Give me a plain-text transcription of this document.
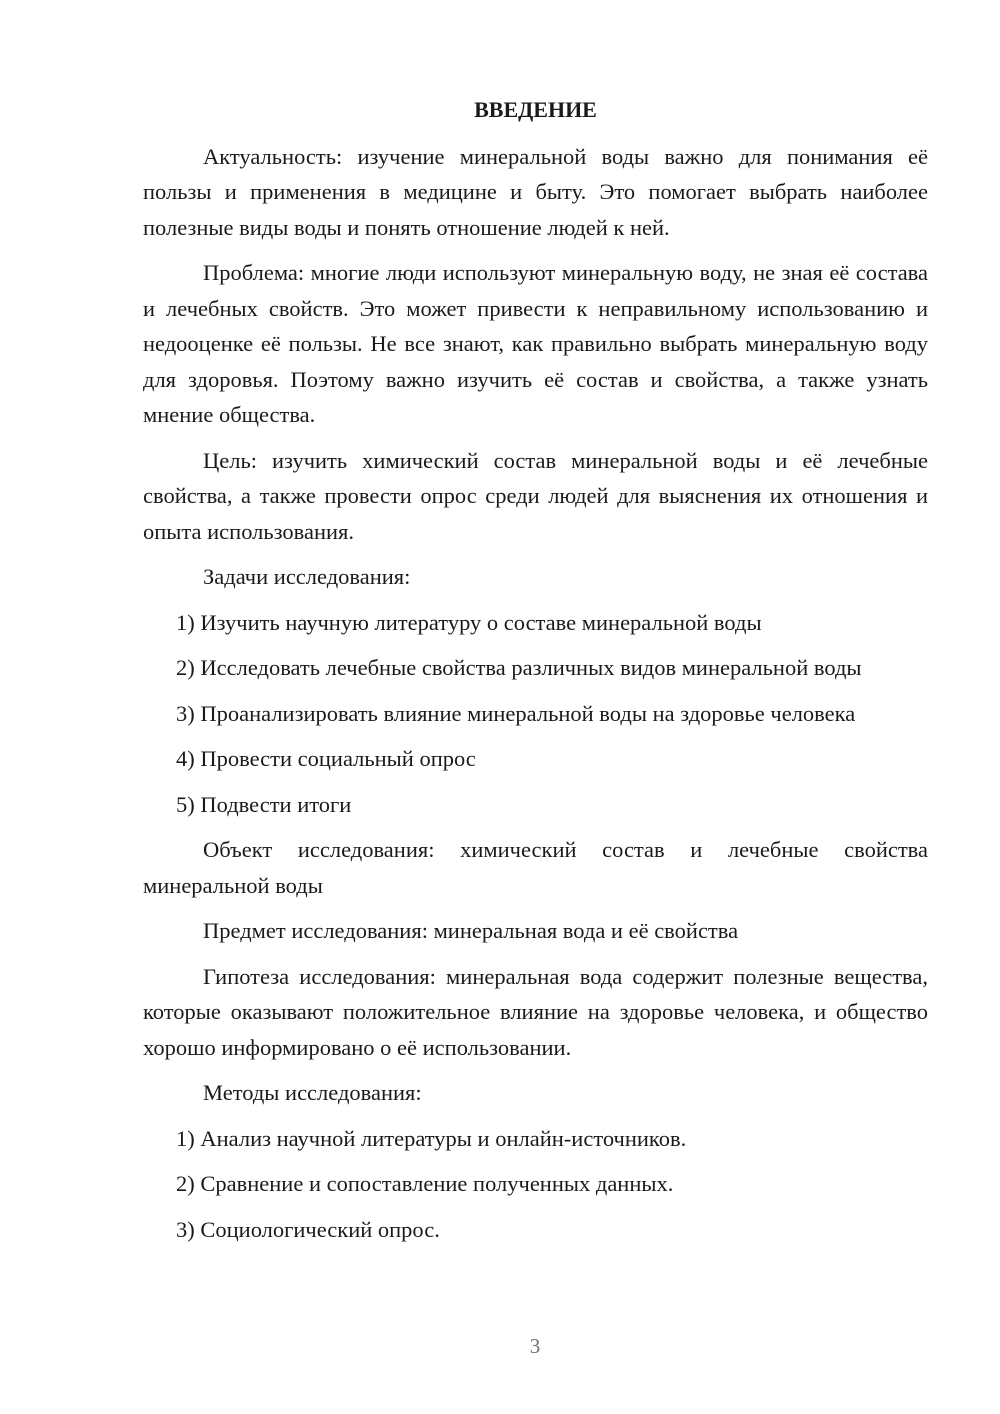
ВВЕДЕНИЕ

Актуальность: изучение минеральной воды важно для понимания её пользы и применения в медицине и быту. Это помогает выбрать наиболее полезные виды воды и понять отношение людей к ней.

Проблема: многие люди используют минеральную воду, не зная её состава и лечебных свойств. Это может привести к неправильному использованию и недооценке её пользы. Не все знают, как правильно выбрать минеральную воду для здоровья. Поэтому важно изучить её состав и свойства, а также узнать мнение общества.

Цель: изучить химический состав минеральной воды и её лечебные свойства, а также провести опрос среди людей для выяснения их отношения и опыта использования.

Задачи исследования:

1) Изучить научную литературу о составе минеральной воды

2) Исследовать лечебные свойства различных видов минеральной воды

3) Проанализировать влияние минеральной воды на здоровье человека

4) Провести социальный опрос

5) Подвести итоги

Объект исследования: химический состав и лечебные свойства минеральной воды

Предмет исследования: минеральная вода и её свойства

Гипотеза исследования: минеральная вода содержит полезные вещества, которые оказывают положительное влияние на здоровье человека, и общество хорошо информировано о её использовании.

Методы исследования:

1) Анализ научной литературы и онлайн-источников.

2) Сравнение и сопоставление полученных данных.

3) Социологический опрос.

3
